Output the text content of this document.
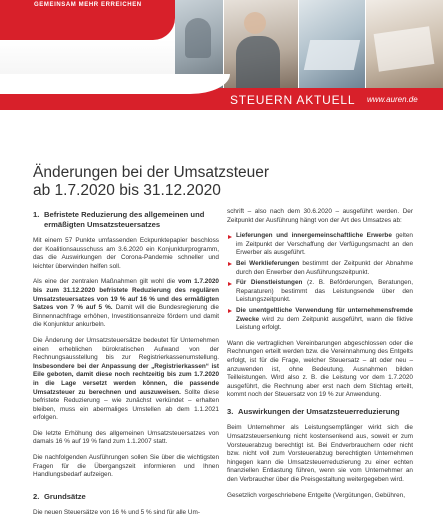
GEMEINSAM MEHR ERREICHEN
STEUERN AKTUELL www.auren.de
Änderungen bei der Umsatzsteuer
ab 1.7.2020 bis 31.12.2020
1. Befristete Reduzierung des allgemeinen und
ermäßigten Umsatzsteuersatzes

Mit einem 57 Punkte umfassenden Eckpunktepapier beschloss der Koalitionsausschuss am 3.6.2020 ein Konjunkturprogramm, das die Auswirkungen der Corona-Pandemie schneller und leichter überwinden helfen soll.

Als eine der zentralen Maßnahmen gilt wohl die vom 1.7.2020 bis zum 31.12.2020 befristete Reduzierung des regulären Umsatzsteuersatzes von 19 % auf 16 % und des ermäßigten Satzes von 7 % auf 5 %. Damit will die Bundesregierung die Binnennachfrage erhöhen, Investitionsanreize fördern und damit die Konjunktur ankurbeln.

Die Änderung der Umsatzsteuersätze bedeutet für Unternehmen einen erheblichen bürokratischen Aufwand von der Rechnungsausstellung bis zur Registrierkassenumstellung. Insbesondere bei der Anpassung der „Registrierkassen“ ist Eile geboten, damit diese noch rechtzeitig bis zum 1.7.2020 in die Lage versetzt werden können, die passende Umsatzsteuer zu berechnen und auszuweisen. Sollte diese befristete Reduzierung – wie zunächst verkündet – erhalten bleiben, muss ein abermaliges Umstellen ab dem 1.1.2021 erfolgen.

Die letzte Erhöhung des allgemeinen Umsatzsteuersatzes von damals 16 % auf 19 % fand zum 1.1.2007 statt.

Die nachfolgenden Ausführungen sollen Sie über die wichtigsten Fragen für die Übergangszeit informieren und Ihnen Handlungsbedarf aufzeigen.

2. Grundsätze

Die neuen Steuersätze von 16 % und 5 % sind für alle Um-

schrift – also nach dem 30.6.2020 – ausgeführt werden. Der Zeitpunkt der Ausführung hängt von der Art des Umsatzes ab:

Lieferungen und innergemeinschaftliche Erwerbe gelten im Zeitpunkt der Verschaffung der Verfügungsmacht an den Erwerber als ausgeführt.
Bei Werklieferungen bestimmt der Zeitpunkt der Abnahme durch den Erwerber den Ausführungszeitpunkt.
Für Dienstleistungen (z. B. Beförderungen, Beratungen, Reparaturen) bestimmt das Leistungsende über den Leistungszeitpunkt.
Die unentgeltliche Verwendung für unternehmensfremde Zwecke wird zu dem Zeitpunkt ausgeführt, wann die fiktive Leistung erfolgt.

Wann die vertraglichen Vereinbarungen abgeschlossen oder die Rechnungen erteilt werden bzw. die Vereinnahmung des Entgelts erfolgt, ist für die Frage, welcher Steuersatz – alt oder neu – anzuwenden ist, ohne Bedeutung. Ausnahmen bilden Teilleistungen. Wird also z. B. die Leistung vor dem 1.7.2020 ausgeführt, die Rechnung aber erst nach dem Stichtag erteilt, kommt noch der Steuersatz von 19 % zur Anwendung.

3. Auswirkungen der Umsatzsteuerreduzierung

Beim Unternehmer als Leistungsempfänger wirkt sich die Umsatzsteuersenkung nicht kostensenkend aus, soweit er zum Vorsteuerabzug berechtigt ist. Bei Endverbrauchern oder nicht bzw. nicht voll zum Vorsteuerabzug berechtigten Unternehmen hingegen kann die Umsatzsteuerreduzierung zu einer echten finanziellen Entlastung führen, wenn sie vom Unternehmer an den Verbraucher über die Preisgestaltung weitergegeben wird.

Gesetzlich vorgeschriebene Entgelte (Vergütungen, Gebühren,
